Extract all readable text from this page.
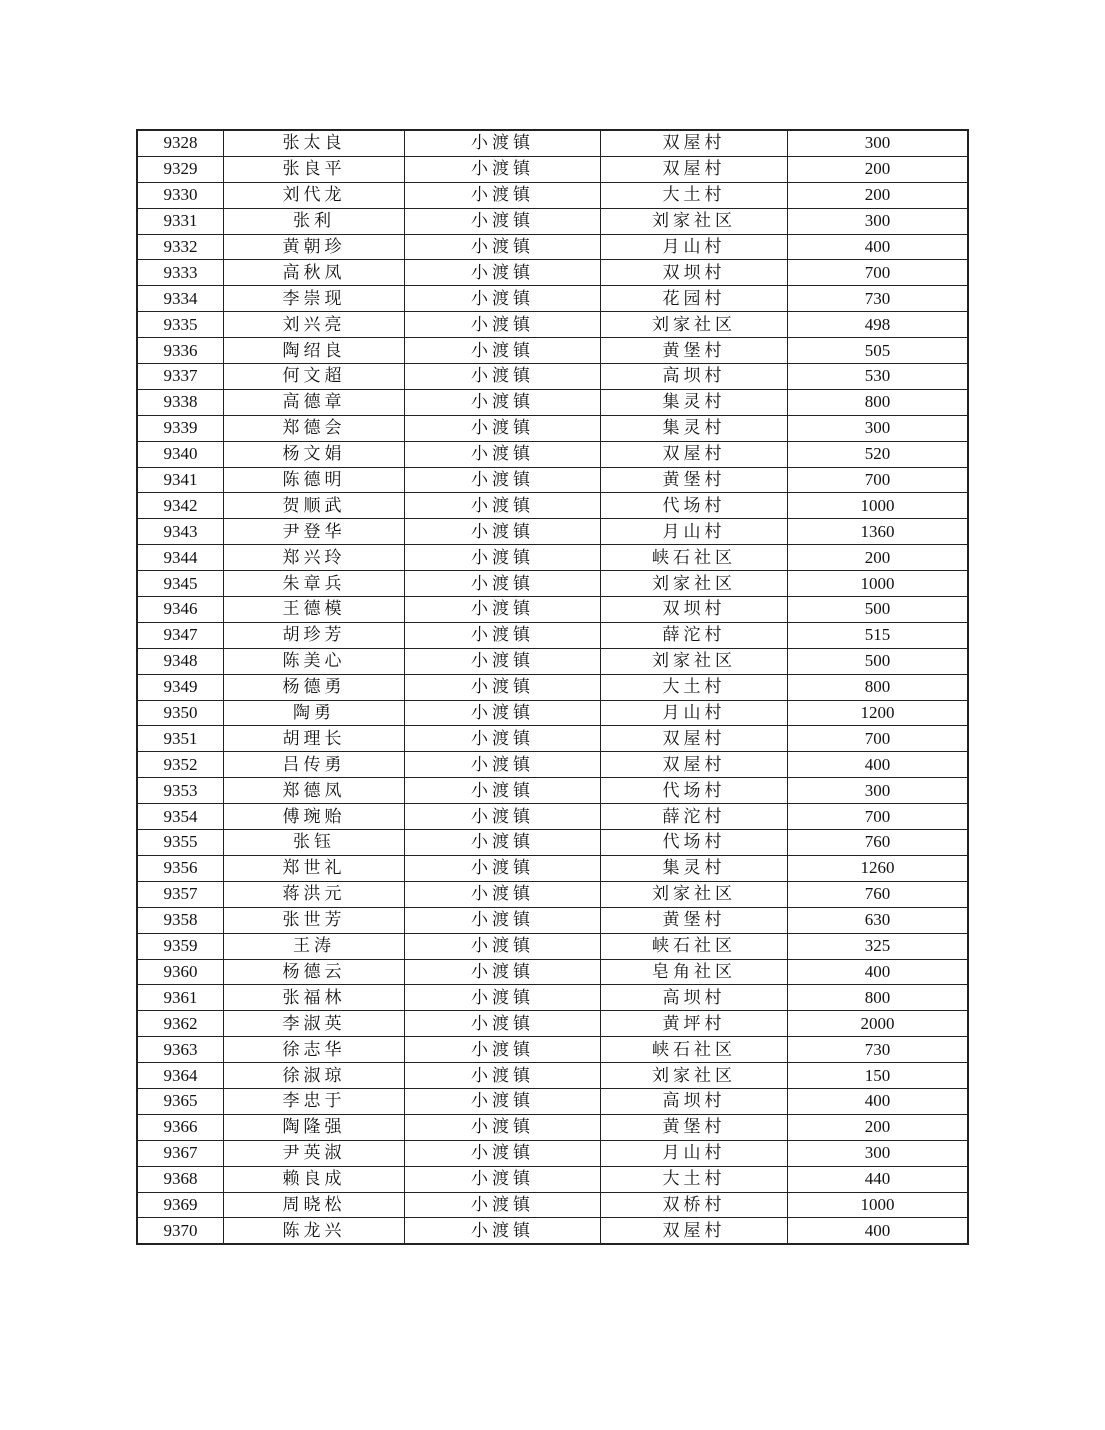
9328	张太良	小渡镇	双屋村	300
9329	张良平	小渡镇	双屋村	200
9330	刘代龙	小渡镇	大土村	200
9331	张利	小渡镇	刘家社区	300
9332	黄朝珍	小渡镇	月山村	400
9333	高秋凤	小渡镇	双坝村	700
9334	李崇现	小渡镇	花园村	730
9335	刘兴亮	小渡镇	刘家社区	498
9336	陶绍良	小渡镇	黄堡村	505
9337	何文超	小渡镇	高坝村	530
9338	高德章	小渡镇	集灵村	800
9339	郑德会	小渡镇	集灵村	300
9340	杨文娟	小渡镇	双屋村	520
9341	陈德明	小渡镇	黄堡村	700
9342	贺顺武	小渡镇	代场村	1000
9343	尹登华	小渡镇	月山村	1360
9344	郑兴玲	小渡镇	峡石社区	200
9345	朱章兵	小渡镇	刘家社区	1000
9346	王德模	小渡镇	双坝村	500
9347	胡珍芳	小渡镇	薛沱村	515
9348	陈美心	小渡镇	刘家社区	500
9349	杨德勇	小渡镇	大土村	800
9350	陶勇	小渡镇	月山村	1200
9351	胡理长	小渡镇	双屋村	700
9352	吕传勇	小渡镇	双屋村	400
9353	郑德凤	小渡镇	代场村	300
9354	傅琬贻	小渡镇	薛沱村	700
9355	张钰	小渡镇	代场村	760
9356	郑世礼	小渡镇	集灵村	1260
9357	蒋洪元	小渡镇	刘家社区	760
9358	张世芳	小渡镇	黄堡村	630
9359	王涛	小渡镇	峡石社区	325
9360	杨德云	小渡镇	皂角社区	400
9361	张福林	小渡镇	高坝村	800
9362	李淑英	小渡镇	黄坪村	2000
9363	徐志华	小渡镇	峡石社区	730
9364	徐淑琼	小渡镇	刘家社区	150
9365	李忠于	小渡镇	高坝村	400
9366	陶隆强	小渡镇	黄堡村	200
9367	尹英淑	小渡镇	月山村	300
9368	赖良成	小渡镇	大土村	440
9369	周晓松	小渡镇	双桥村	1000
9370	陈龙兴	小渡镇	双屋村	400
